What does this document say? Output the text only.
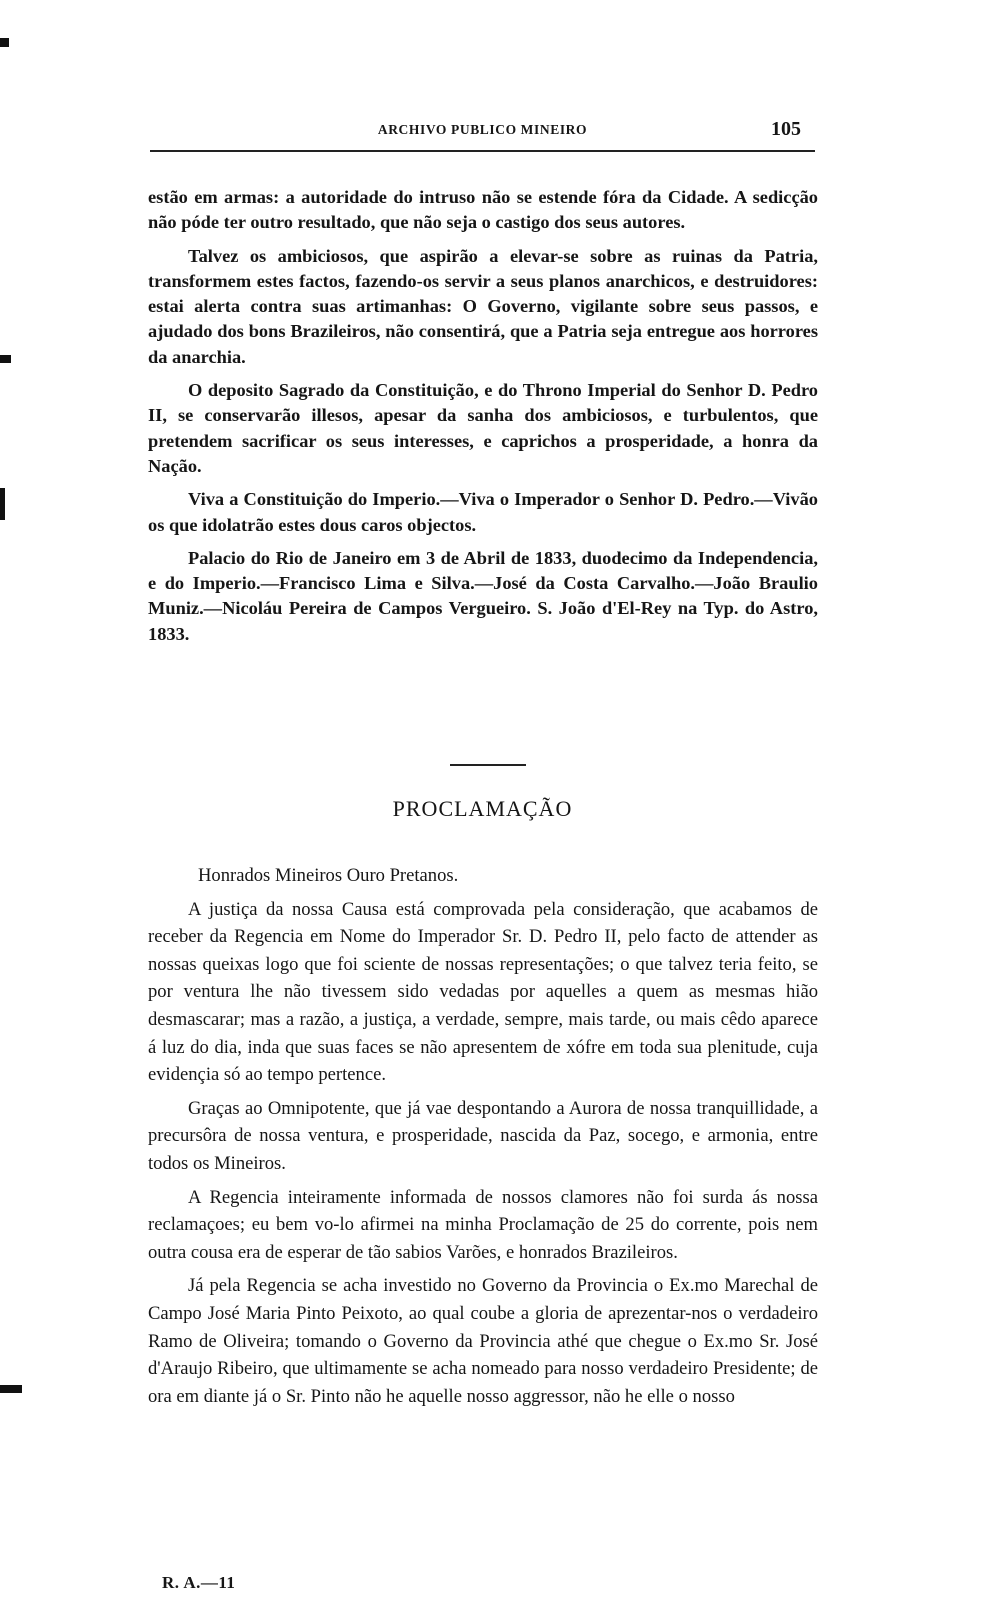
ARCHIVO PUBLICO MINEIRO	105

estão em armas: a autoridade do intruso não se estende fóra da Cidade. A sedicção não póde ter outro resultado, que não seja o castigo dos seus autores.

Talvez os ambiciosos, que aspirão a elevar-se sobre as ruinas da Patria, transformem estes factos, fazendo-os servir a seus planos anarchicos, e destruidores: estai alerta contra suas artimanhas: O Governo, vigilante sobre seus passos, e ajudado dos bons Brazileiros, não consentirá, que a Patria seja entregue aos horrores da anarchia.

O deposito Sagrado da Constituição, e do Throno Imperial do Senhor D. Pedro II, se conservarão illesos, apesar da sanha dos ambiciosos, e turbulentos, que pretendem sacrificar os seus interesses, e caprichos a prosperidade, a honra da Nação.

Viva a Constituição do Imperio.—Viva o Imperador o Senhor D. Pedro.—Vivão os que idolatrão estes dous caros objectos.

Palacio do Rio de Janeiro em 3 de Abril de 1833, duodecimo da Independencia, e do Imperio.—Francisco Lima e Silva.—José da Costa Carvalho.—João Braulio Muniz.—Nicoláu Pereira de Campos Vergueiro. S. João d'El-Rey na Typ. do Astro, 1833.

PROCLAMAÇÃO

Honrados Mineiros Ouro Pretanos.

A justiça da nossa Causa está comprovada pela consideração, que acabamos de receber da Regencia em Nome do Imperador Sr. D. Pedro II, pelo facto de attender as nossas queixas logo que foi sciente de nossas representações; o que talvez teria feito, se por ventura lhe não tivessem sido vedadas por aquelles a quem as mesmas hião desmascarar; mas a razão, a justiça, a verdade, sempre, mais tarde, ou mais cêdo aparece á luz do dia, inda que suas faces se não apresentem de xófre em toda sua plenitude, cuja evidençia só ao tempo pertence.

Graças ao Omnipotente, que já vae despontando a Aurora de nossa tranquillidade, a precursôra de nossa ventura, e prosperidade, nascida da Paz, socego, e armonia, entre todos os Mineiros.

A Regencia inteiramente informada de nossos clamores não foi surda ás nossa reclamaçoes; eu bem vo-lo afirmei na minha Proclamação de 25 do corrente, pois nem outra cousa era de esperar de tão sabios Varões, e honrados Brazileiros.

Já pela Regencia se acha investido no Governo da Provincia o Ex.mo Marechal de Campo José Maria Pinto Peixoto, ao qual coube a gloria de aprezentar-nos o verdadeiro Ramo de Oliveira; tomando o Governo da Provincia athé que chegue o Ex.mo Sr. José d'Araujo Ribeiro, que ultimamente se acha nomeado para nosso verdadeiro Presidente; de ora em diante já o Sr. Pinto não he aquelle nosso aggressor, não he elle o nosso

R. A.—11
